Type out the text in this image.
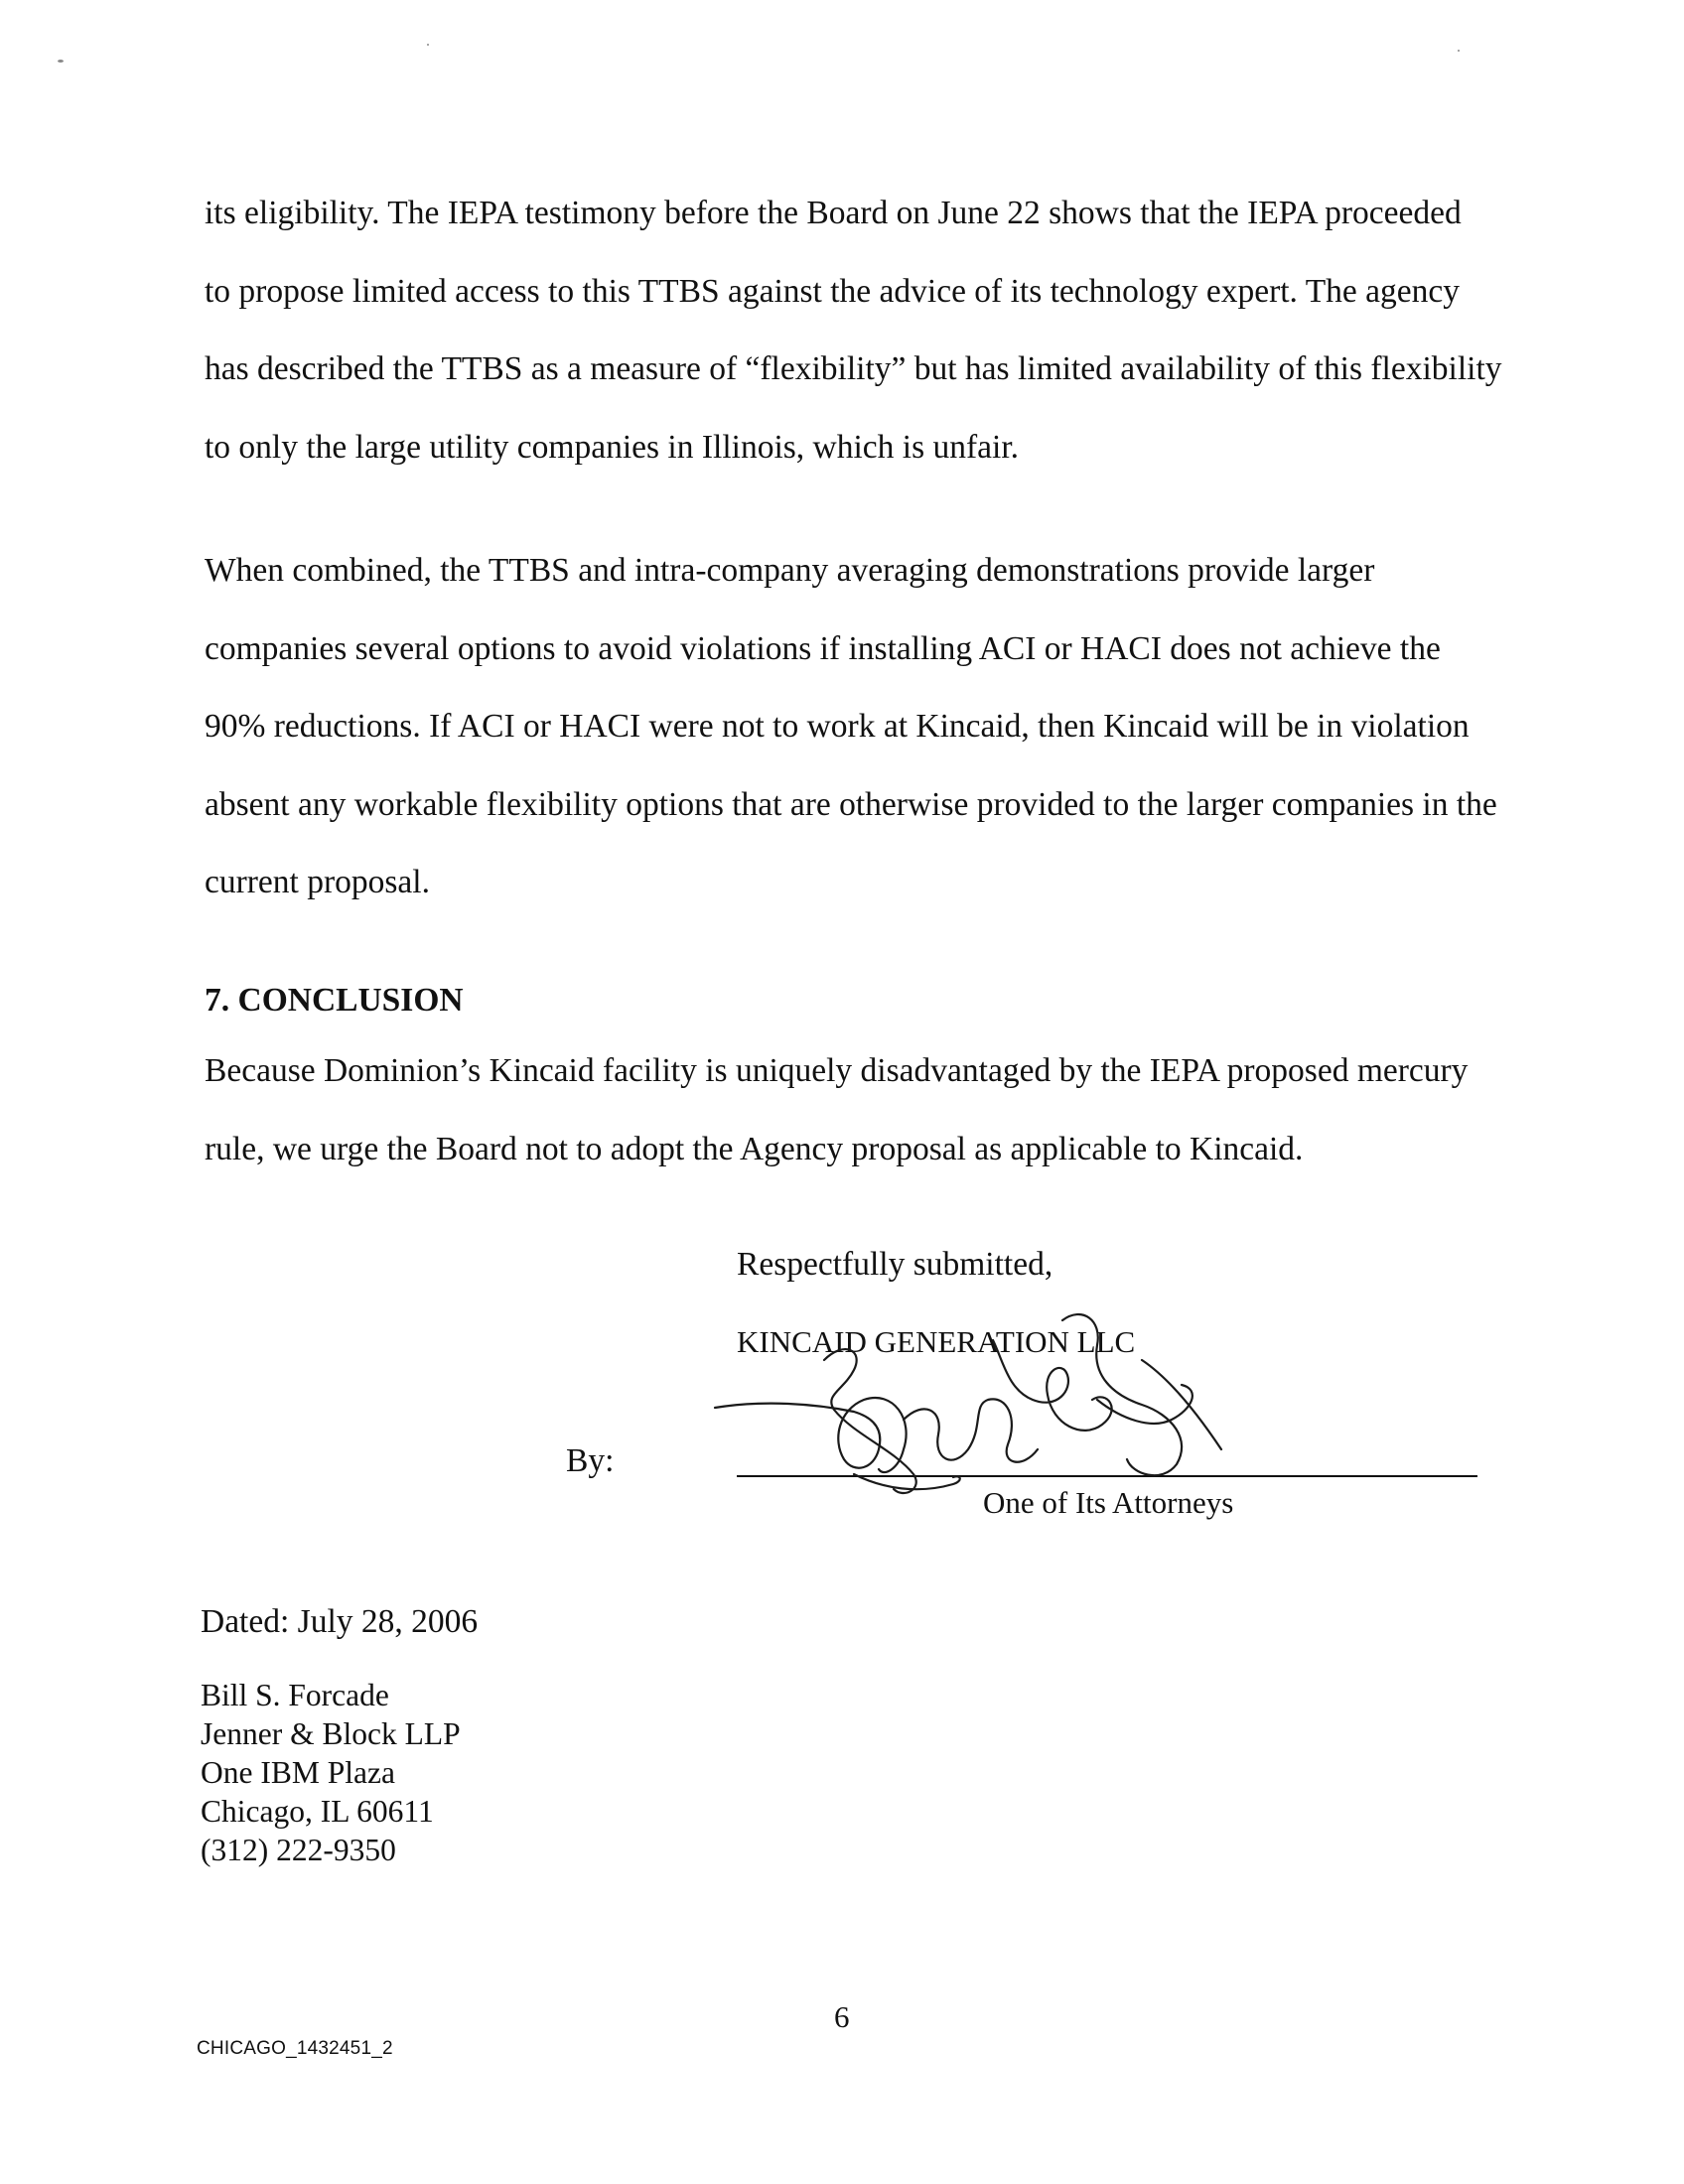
its eligibility. The IEPA testimony before the Board on June 22 shows that the IEPA proceeded
to propose limited access to this TTBS against the advice of its technology expert. The agency
has described the TTBS as a measure of “flexibility” but has limited availability of this flexibility
to only the large utility companies in Illinois, which is unfair.
When combined, the TTBS and intra-company averaging demonstrations provide larger
companies several options to avoid violations if installing ACI or HACI does not achieve the
90% reductions. If ACI or HACI were not to work at Kincaid, then Kincaid will be in violation
absent any workable flexibility options that are otherwise provided to the larger companies in the
current proposal.
7. CONCLUSION
Because Dominion’s Kincaid facility is uniquely disadvantaged by the IEPA proposed mercury
rule, we urge the Board not to adopt the Agency proposal as applicable to Kincaid.
Respectfully submitted,
KINCAID GENERATION LLC
By:
One of Its Attorneys
Dated: July 28, 2006
Bill S. Forcade
Jenner & Block LLP
One IBM Plaza
Chicago, IL 60611
(312) 222-9350
6
CHICAGO_1432451_2
